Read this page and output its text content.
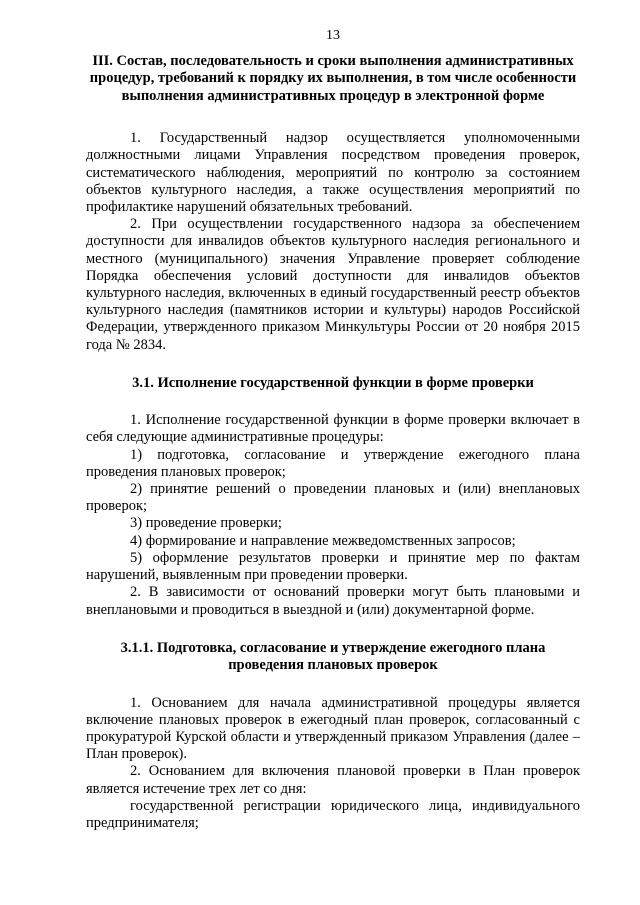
13
III. Состав, последовательность и сроки выполнения административных процедур, требований к порядку их выполнения, в том числе особенности выполнения административных процедур в электронной форме
1. Государственный надзор осуществляется уполномоченными должностными лицами Управления посредством проведения проверок, систематического наблюдения, мероприятий по контролю за состоянием объектов культурного наследия, а также осуществления мероприятий по профилактике нарушений обязательных требований.
2. При осуществлении государственного надзора за обеспечением доступности для инвалидов объектов культурного наследия регионального и местного (муниципального) значения Управление проверяет соблюдение Порядка обеспечения условий доступности для инвалидов объектов культурного наследия, включенных в единый государственный реестр объектов культурного наследия (памятников истории и культуры) народов Российской Федерации, утвержденного приказом Минкультуры России от 20 ноября 2015 года № 2834.
3.1. Исполнение государственной функции в форме проверки
1. Исполнение государственной функции в форме проверки включает в себя следующие административные процедуры:
1) подготовка, согласование и утверждение ежегодного плана проведения плановых проверок;
2) принятие решений о проведении плановых и (или) внеплановых проверок;
3) проведение проверки;
4) формирование и направление межведомственных запросов;
5) оформление результатов проверки и принятие мер по фактам нарушений, выявленным при проведении проверки.
2. В зависимости от оснований проверки могут быть плановыми и внеплановыми и проводиться в выездной и (или) документарной форме.
3.1.1. Подготовка, согласование и утверждение ежегодного плана проведения плановых проверок
1. Основанием для начала административной процедуры является включение плановых проверок в ежегодный план проверок, согласованный с прокуратурой Курской области и утвержденный приказом Управления (далее – План проверок).
2. Основанием для включения плановой проверки в План проверок является истечение трех лет со дня:
государственной регистрации юридического лица, индивидуального предпринимателя;
